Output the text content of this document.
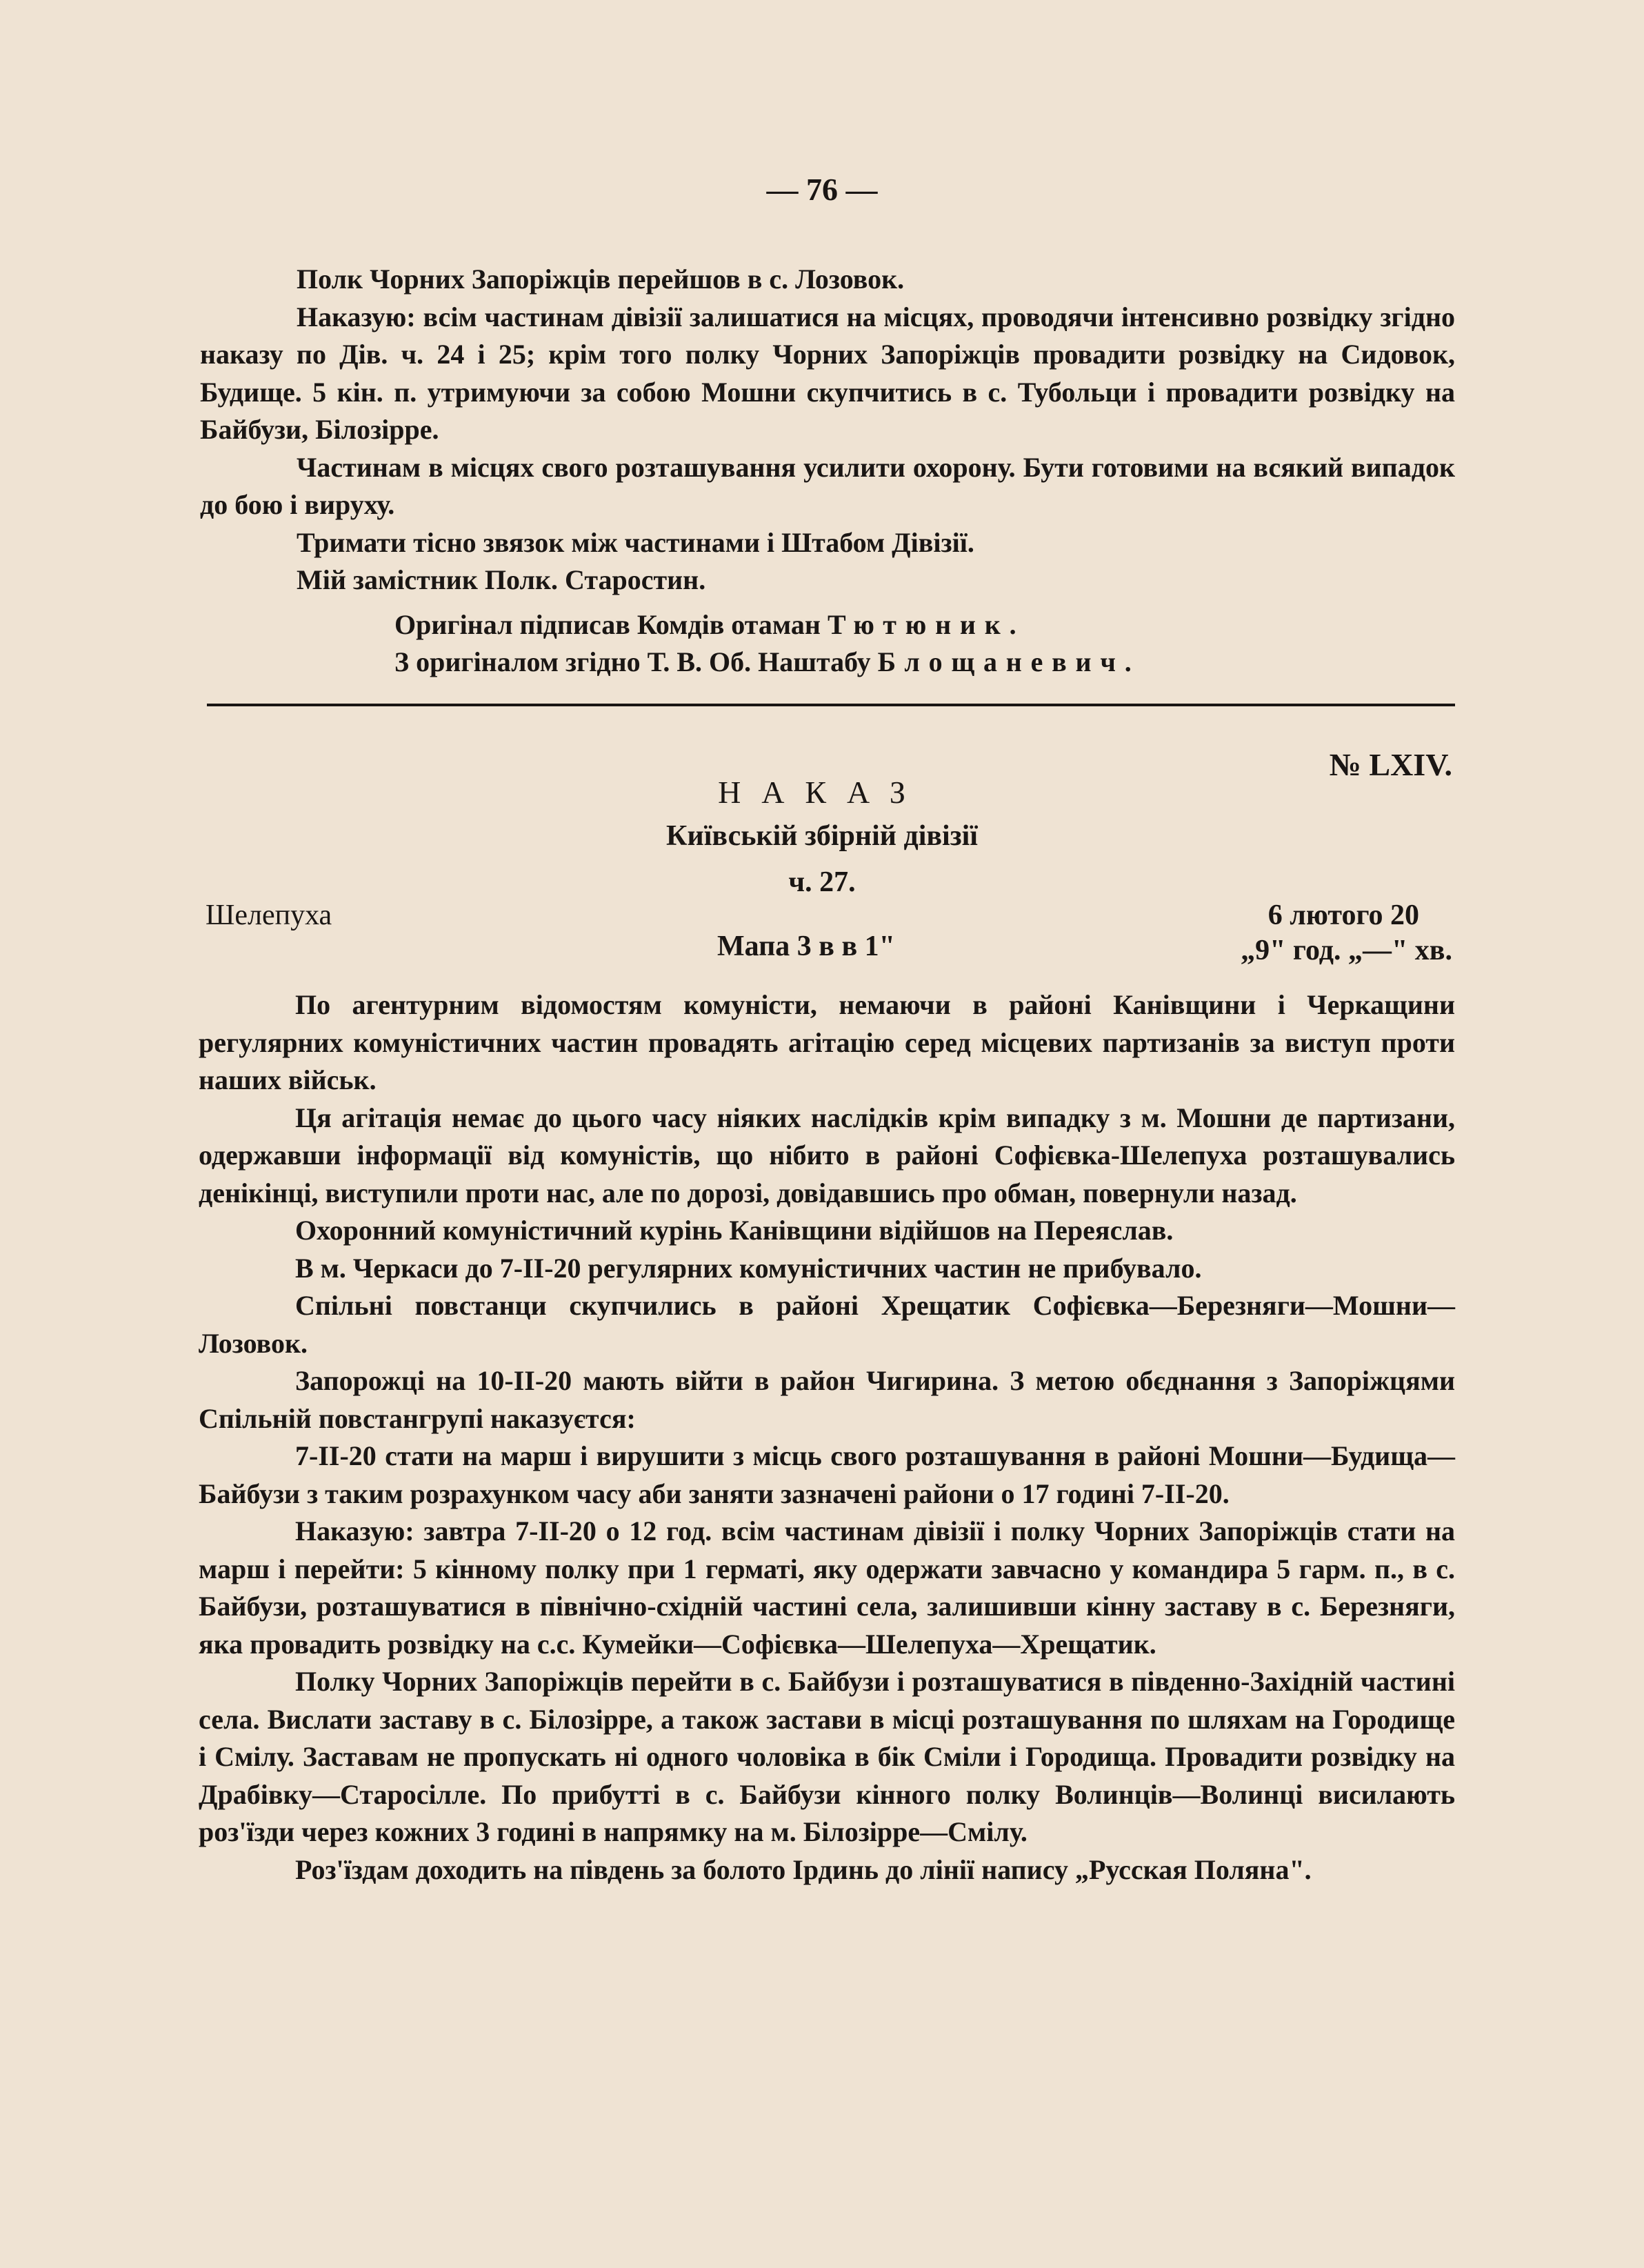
— 76 —

Полк Чорних Запоріжців перейшов в с. Лозовок.

Наказую: всім частинам дівізії залишатися на місцях, проводячи інтенсивно розвідку згідно наказу по Дів. ч. 24 і 25; крім того полку Чорних Запоріжців провадити розвідку на Сидовок, Будище. 5 кін. п. утримуючи за собою Мошни скупчитись в с. Тубольци і провадити розвідку на Байбузи, Білозірре.

Частинам в місцях свого розташування усилити охорону. Бути готовими на всякий випадок до бою і вируху.

Тримати тісно звязок між частинами і Штабом Дівізії.

Мій замістник Полк. Старостин.

Оригінал підписав Комдів отаман Тютюник.
З оригіналом згідно Т. В. Об. Наштабу Блощаневич.
№ LXIV.
НАКАЗ
Київській збірній дівізії
ч. 27.
Шелепуха	6 лютого 20
Мапа 3 в в 1"	„9" год. „—" хв.

По агентурним відомостям комуністи, немаючи в районі Канівщини і Черкащини регулярних комуністичних частин провадять агітацію серед місцевих партизанів за виступ проти наших військ.

Ця агітація немає до цього часу ніяких наслідків крім випадку з м. Мошни де партизани, одержавши інформації від комуністів, що нібито в районі Софієвка-Шелепуха розташувались денікінці, виступили проти нас, але по дорозі, довідавшись про обман, повернули назад.

Охоронний комуністичний курінь Канівщини відійшов на Переяслав.

В м. Черкаси до 7-ІІ-20 регулярних комуністичних частин не прибувало.

Спільні повстанци скупчились в районі Хрещатик Софієвка—Березняги—Мошни—Лозовок.

Запорожці на 10-ІІ-20 мають війти в район Чигирина. З метою обєднання з Запоріжцями Спільній повстангрупі наказуєтся:

7-ІІ-20 стати на марш і вирушити з місць свого розташування в районі Мошни—Будища—Байбузи з таким розрахунком часу аби заняти зазначені райони о 17 годині 7-ІІ-20.

Наказую: завтра 7-ІІ-20 о 12 год. всім частинам дівізії і полку Чорних Запоріжців стати на марш і перейти: 5 кінному полку при 1 герматі, яку одержати завчасно у командира 5 гарм. п., в с. Байбузи, розташуватися в північно-східній частині села, залишивши кінну заставу в с. Березняги, яка провадить розвідку на с.с. Кумейки—Софієвка—Шелепуха—Хрещатик.

Полку Чорних Запоріжців перейти в с. Байбузи і розташуватися в південно-Західній частині села. Вислати заставу в с. Білозірре, а також застави в місці розташування по шляхам на Городище і Смілу. Заставам не пропускать ні одного чоловіка в бік Сміли і Городища. Провадити розвідку на Драбівку—Старосілле. По прибутті в с. Байбузи кінного полку Волинців—Волинці висилають роз'їзди через кожних 3 годині в напрямку на м. Білозірре—Смілу.

Роз'їздам доходить на південь за болото Ірдинь до лінії напису „Русская Поляна".
